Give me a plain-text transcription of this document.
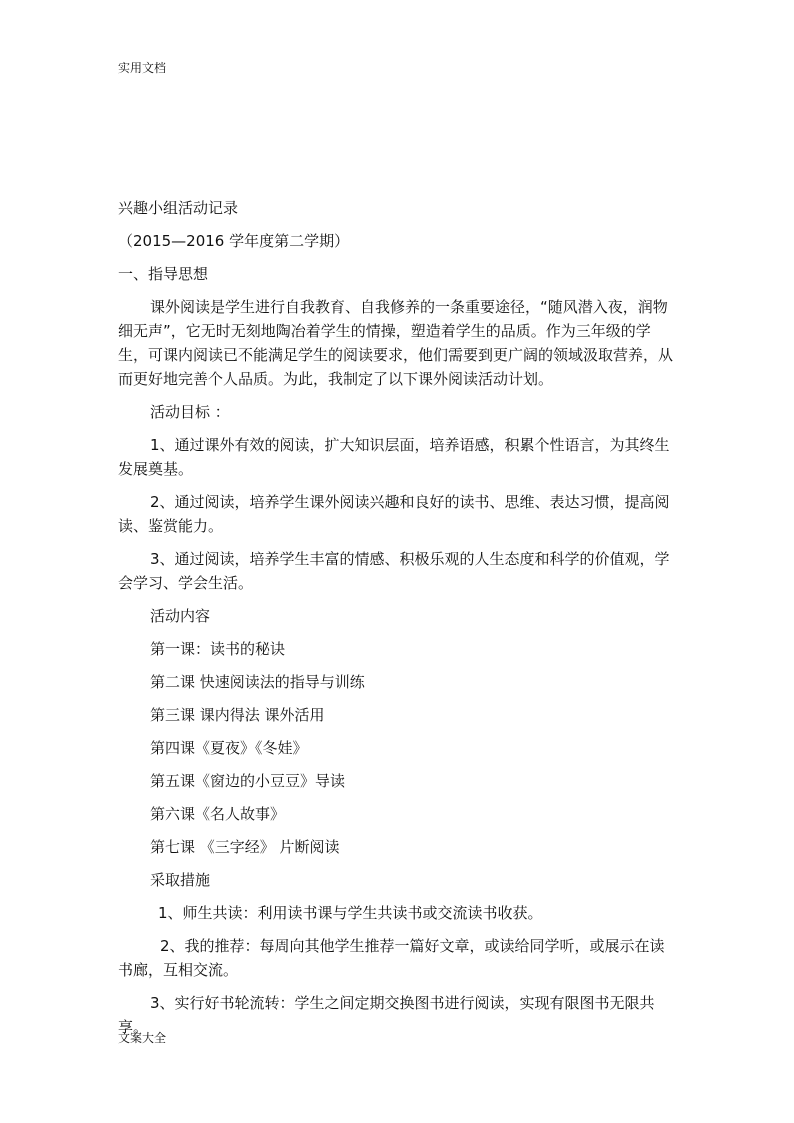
实用文档

兴趣小组活动记录

（2015—2016 学年度第二学期）

一、指导思想

课外阅读是学生进行自我教育、自我修养的一条重要途径，“随风潜入夜，润物细无声”，它无时无刻地陶冶着学生的情操，塑造着学生的品质。作为三年级的学生，可课内阅读已不能满足学生的阅读要求，他们需要到更广阔的领域汲取营养，从而更好地完善个人品质。为此，我制定了以下课外阅读活动计划。

活动目标 ：

1、通过课外有效的阅读，扩大知识层面，培养语感，积累个性语言，为其终生发展奠基。

2、通过阅读，培养学生课外阅读兴趣和良好的读书、思维、表达习惯，提高阅读、鉴赏能力。

3、通过阅读，培养学生丰富的情感、积极乐观的人生态度和科学的价值观，学会学习、学会生活。

活动内容

第一课：读书的秘诀

第二课 快速阅读法的指导与训练

第三课 课内得法 课外活用

第四课《夏夜》《冬娃》

第五课《窗边的小豆豆》导读

第六课《名人故事》

第七课 《三字经》 片断阅读

采取措施

1、师生共读：利用读书课与学生共读书或交流读书收获。

2、我的推荐：每周向其他学生推荐一篇好文章，或读给同学听，或展示在读书廊，互相交流。

3、实行好书轮流转：学生之间定期交换图书进行阅读，实现有限图书无限共享。

文案大全
